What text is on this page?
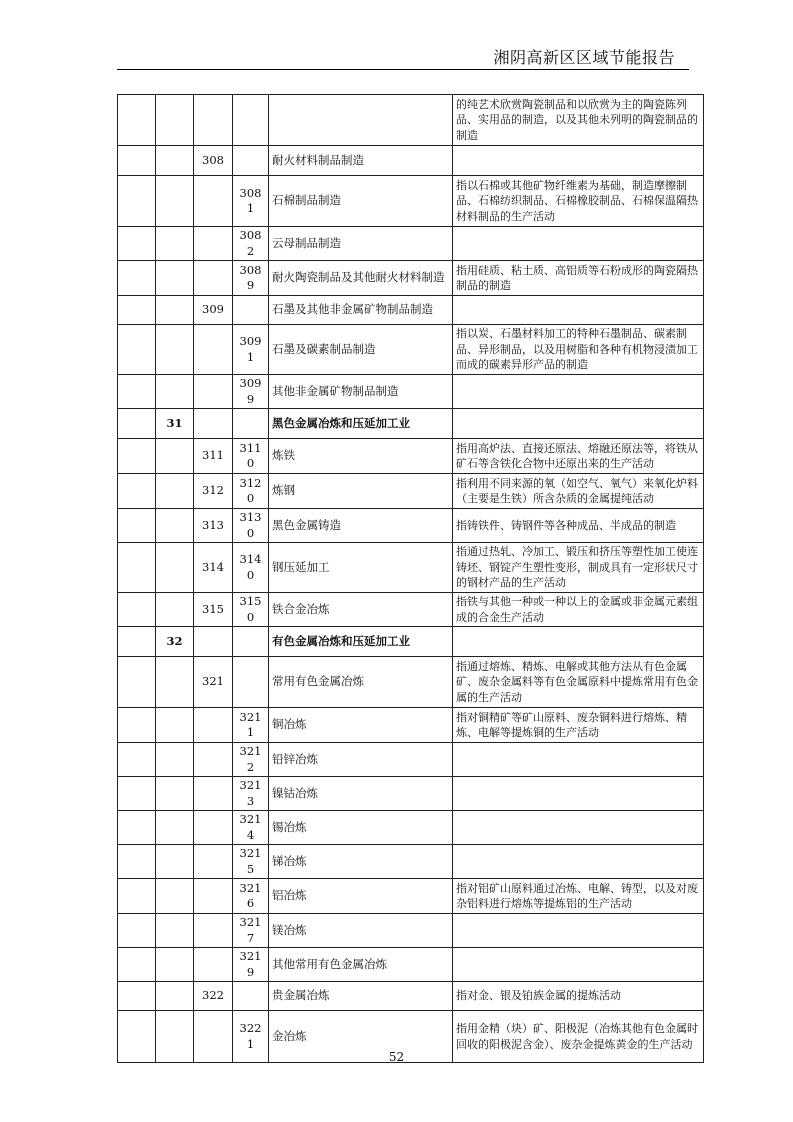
湘阴高新区区域节能报告
					的纯艺术欣赏陶瓷制品和以欣赏为主的陶瓷陈列品、实用品的制造，以及其他未列明的陶瓷制品的制造
		308		耐火材料制品制造	
			3081	石棉制品制造	指以石棉或其他矿物纤维素为基础，制造摩擦制品、石棉纺织制品、石棉橡胶制品、石棉保温隔热材料制品的生产活动
			3082	云母制品制造	
			3089	耐火陶瓷制品及其他耐火材料制造	指用硅质、粘土质、高铝质等石粉成形的陶瓷隔热制品的制造
		309		石墨及其他非金属矿物制品制造	
			3091	石墨及碳素制品制造	指以炭、石墨材料加工的特种石墨制品、碳素制品、异形制品，以及用树脂和各种有机物浸渍加工而成的碳素异形产品的制造
			3099	其他非金属矿物制品制造	
	31			黑色金属冶炼和压延加工业	
		311	3110	炼铁	指用高炉法、直接还原法、熔融还原法等，将铁从矿石等含铁化合物中还原出来的生产活动
		312	3120	炼钢	指利用不同来源的氧（如空气、氧气）来氧化炉料（主要是生铁）所含杂质的金属提纯活动
		313	3130	黑色金属铸造	指铸铁件、铸钢件等各种成品、半成品的制造
		314	3140	钢压延加工	指通过热轧、冷加工、锻压和挤压等塑性加工使连铸坯、钢锭产生塑性变形，制成具有一定形状尺寸的钢材产品的生产活动
		315	3150	铁合金冶炼	指铁与其他一种或一种以上的金属或非金属元素组成的合金生产活动
	32			有色金属冶炼和压延加工业	
		321		常用有色金属冶炼	指通过熔炼、精炼、电解或其他方法从有色金属矿、废杂金属料等有色金属原料中提炼常用有色金属的生产活动
			3211	铜冶炼	指对铜精矿等矿山原料、废杂铜料进行熔炼、精炼、电解等提炼铜的生产活动
			3212	铅锌冶炼	
			3213	镍钴冶炼	
			3214	锡冶炼	
			3215	锑冶炼	
			3216	铝冶炼	指对铝矿山原料通过冶炼、电解、铸型，以及对废杂铝料进行熔炼等提炼铝的生产活动
			3217	镁冶炼	
			3219	其他常用有色金属冶炼	
		322		贵金属冶炼	指对金、银及铂族金属的提炼活动
			3221	金冶炼	指用金精（块）矿、阳极泥（冶炼其他有色金属时回收的阳极泥含金）、废杂金提炼黄金的生产活动
52
